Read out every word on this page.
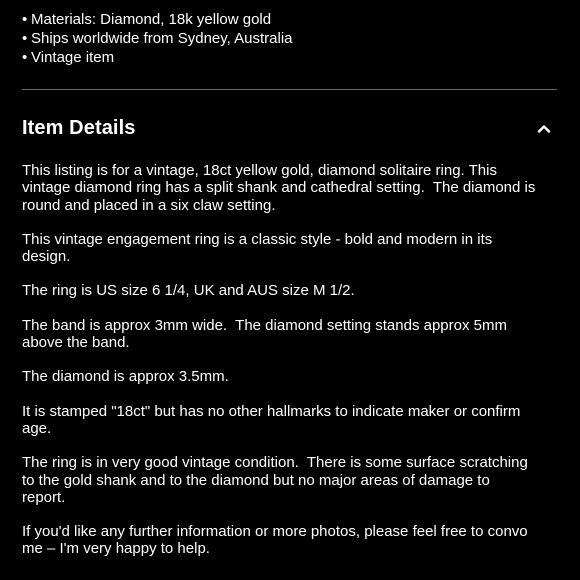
• Materials: Diamond, 18k yellow gold
• Ships worldwide from Sydney, Australia
• Vintage item
Item Details

This listing is for a vintage, 18ct yellow gold, diamond solitaire ring. This
vintage diamond ring has a split shank and cathedral setting.  The diamond is
round and placed in a six claw setting.

This vintage engagement ring is a classic style - bold and modern in its
design.

The ring is US size 6 1/4, UK and AUS size M 1/2.

The band is approx 3mm wide.  The diamond setting stands approx 5mm
above the band.

The diamond is approx 3.5mm.

It is stamped "18ct" but has no other hallmarks to indicate maker or confirm
age.

The ring is in very good vintage condition.  There is some surface scratching
to the gold shank and to the diamond but no major areas of damage to
report.

If you'd like any further information or more photos, please feel free to convo
me – I'm very happy to help.
